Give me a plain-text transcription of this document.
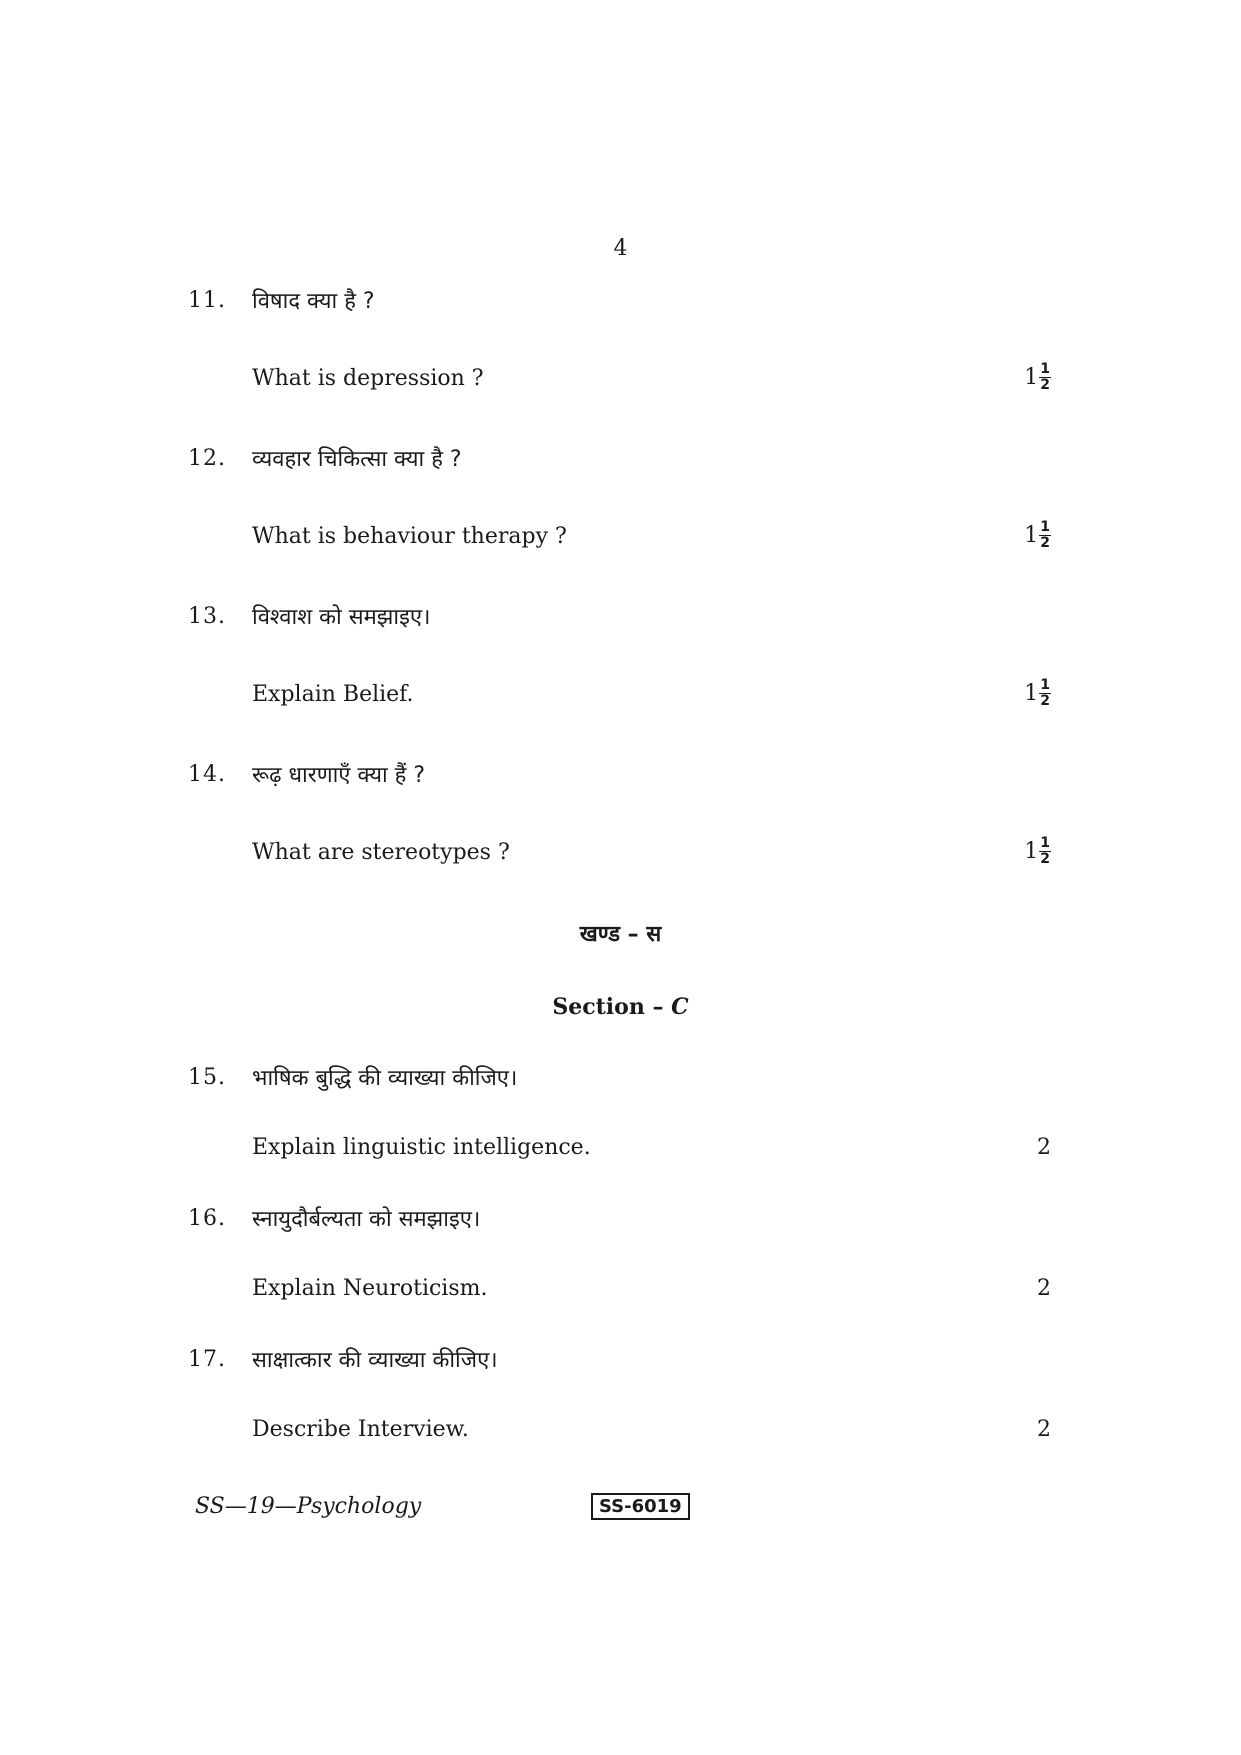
4
11. विषाद क्या है ?
What is depression ?	$1 \frac{1}{2}$
12. व्यवहार चिकित्सा क्या है ?
What is behaviour therapy ?	$1 \frac{1}{2}$
13. विश्वाश को समझाइए।
Explain Belief.	$1 \frac{1}{2}$
14. रूढ़ धारणाएँ क्या हैं ?
What are stereotypes ?	$1 \frac{1}{2}$
खण्ड – स
Section – C
15. भाषिक बुद्धि की व्याख्या कीजिए।
Explain linguistic intelligence.	2
16. स्नायुदौर्बल्यता को समझाइए।
Explain Neuroticism.	2
17. साक्षात्कार की व्याख्या कीजिए।
Describe Interview.	2
SS—19—Psychology	SS-6019
